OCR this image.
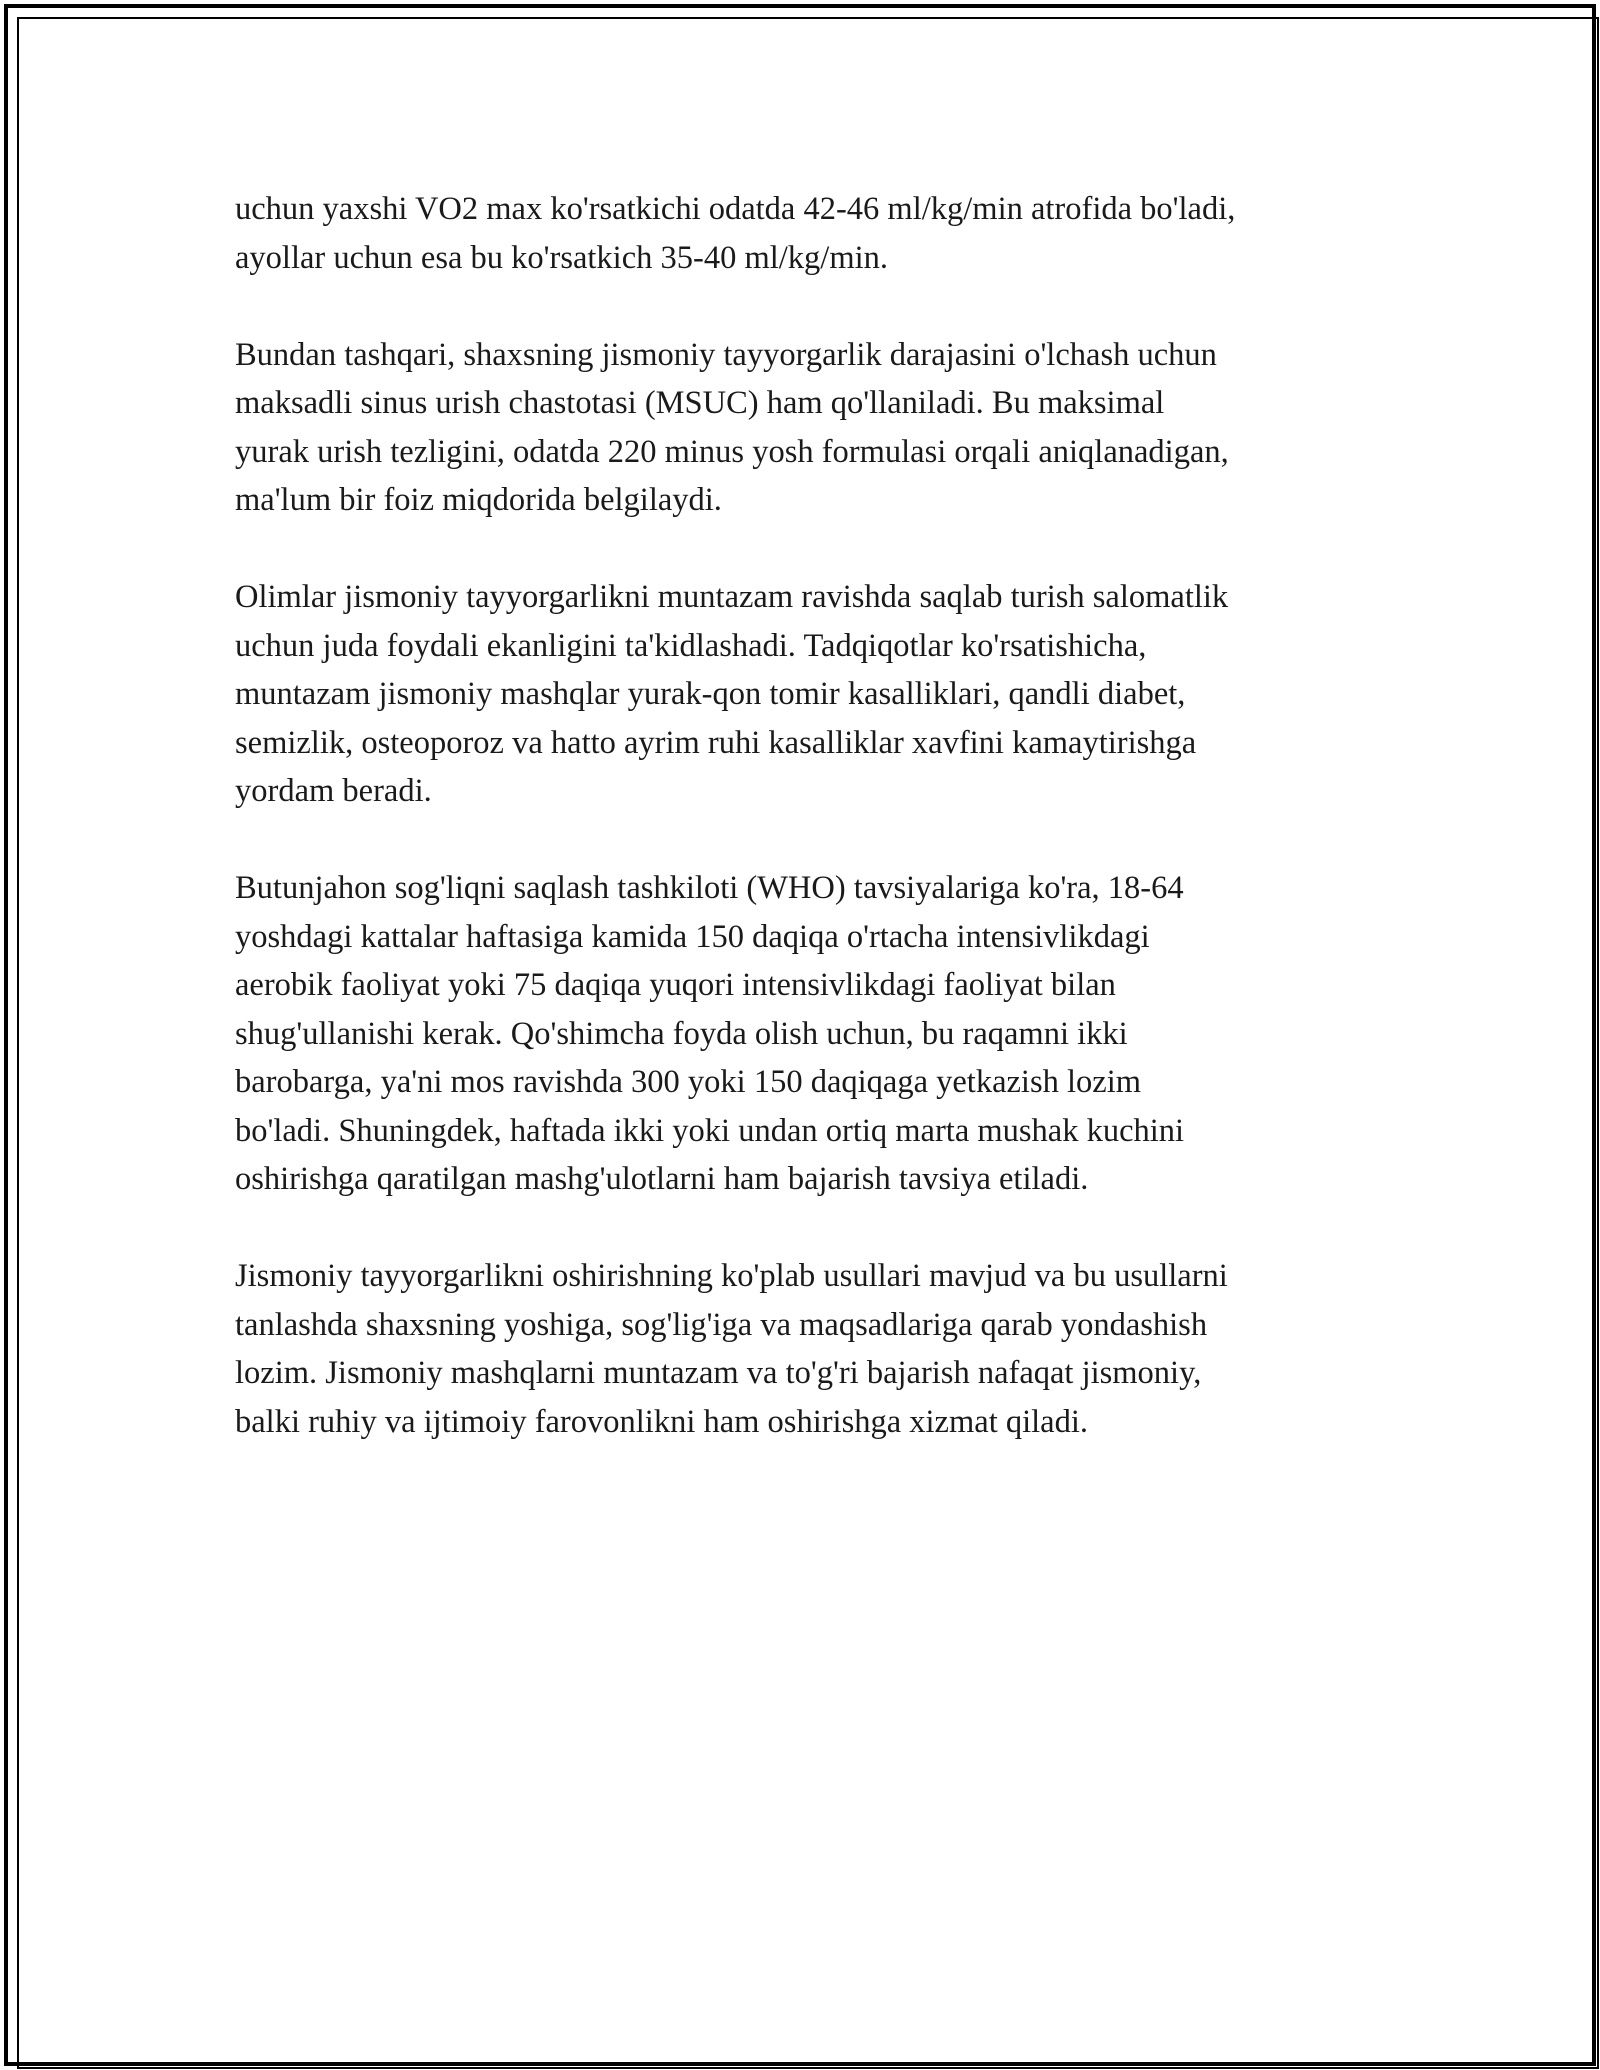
uchun yaxshi VO2 max ko'rsatkichi odatda 42-46 ml/kg/min atrofida bo'ladi,
ayollar uchun esa bu ko'rsatkich 35-40 ml/kg/min.

Bundan tashqari, shaxsning jismoniy tayyorgarlik darajasini o'lchash uchun
maksadli sinus urish chastotasi (MSUC) ham qo'llaniladi. Bu maksimal
yurak urish tezligini, odatda 220 minus yosh formulasi orqali aniqlanadigan,
ma'lum bir foiz miqdorida belgilaydi.

Olimlar jismoniy tayyorgarlikni muntazam ravishda saqlab turish salomatlik
uchun juda foydali ekanligini ta'kidlashadi. Tadqiqotlar ko'rsatishicha,
muntazam jismoniy mashqlar yurak-qon tomir kasalliklari, qandli diabet,
semizlik, osteoporoz va hatto ayrim ruhi kasalliklar xavfini kamaytirishga
yordam beradi.

Butunjahon sog'liqni saqlash tashkiloti (WHO) tavsiyalariga ko'ra, 18-64
yoshdagi kattalar haftasiga kamida 150 daqiqa o'rtacha intensivlikdagi
aerobik faoliyat yoki 75 daqiqa yuqori intensivlikdagi faoliyat bilan
shug'ullanishi kerak. Qo'shimcha foyda olish uchun, bu raqamni ikki
barobarga, ya'ni mos ravishda 300 yoki 150 daqiqaga yetkazish lozim
bo'ladi. Shuningdek, haftada ikki yoki undan ortiq marta mushak kuchini
oshirishga qaratilgan mashg'ulotlarni ham bajarish tavsiya etiladi.

Jismoniy tayyorgarlikni oshirishning ko'plab usullari mavjud va bu usullarni
tanlashda shaxsning yoshiga, sog'lig'iga va maqsadlariga qarab yondashish
lozim. Jismoniy mashqlarni muntazam va to'g'ri bajarish nafaqat jismoniy,
balki ruhiy va ijtimoiy farovonlikni ham oshirishga xizmat qiladi.
